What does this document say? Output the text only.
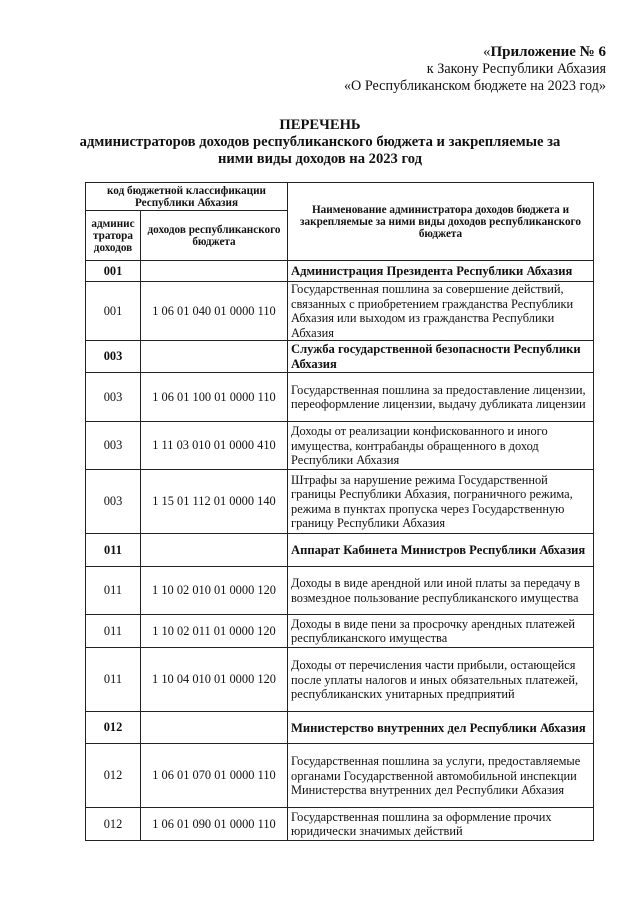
«Приложение № 6
к Закону Республики Абхазия
«О Республиканском бюджете на 2023 год»
ПЕРЕЧЕНЬ
администраторов доходов республиканского бюджета и закрепляемые за
ними виды доходов на 2023 год
код бюджетной классификации Республики Абхазия		Наименование администратора доходов бюджета и закрепляемые за ними виды доходов республиканского бюджета
админис тратора доходов	доходов республиканского бюджета	
001		Администрация Президента Республики Абхазия
001	1 06 01 040 01 0000 110	Государственная пошлина за совершение действий, связанных с приобретением гражданства Республики Абхазия или выходом из гражданства Республики Абхазия
003		Служба государственной безопасности Республики Абхазия
003	1 06 01 100 01 0000 110	Государственная пошлина за предоставление лицензии, переоформление лицензии, выдачу дубликата лицензии
003	1 11 03 010 01 0000 410	Доходы от реализации конфискованного и иного имущества, контрабанды обращенного в доход Республики Абхазия
003	1 15 01 112 01 0000 140	Штрафы за нарушение режима Государственной границы Республики Абхазия, пограничного режима, режима в пунктах пропуска через Государственную границу Республики Абхазия
011		Аппарат Кабинета Министров Республики Абхазия
011	1 10 02 010 01 0000 120	Доходы в виде арендной или иной платы за передачу в возмездное пользование республиканского имущества
011	1 10 02 011 01 0000 120	Доходы в виде пени за просрочку арендных платежей республиканского имущества
011	1 10 04 010 01 0000 120	Доходы от перечисления части прибыли, остающейся после уплаты налогов и иных обязательных платежей, республиканских унитарных предприятий
012		Министерство внутренних дел Республики Абхазия
012	1 06 01 070 01 0000 110	Государственная пошлина за услуги, предоставляемые органами Государственной автомобильной инспекции Министерства внутренних дел Республики Абхазия
012	1 06 01 090 01 0000 110	Государственная пошлина за оформление прочих юридически значимых действий
